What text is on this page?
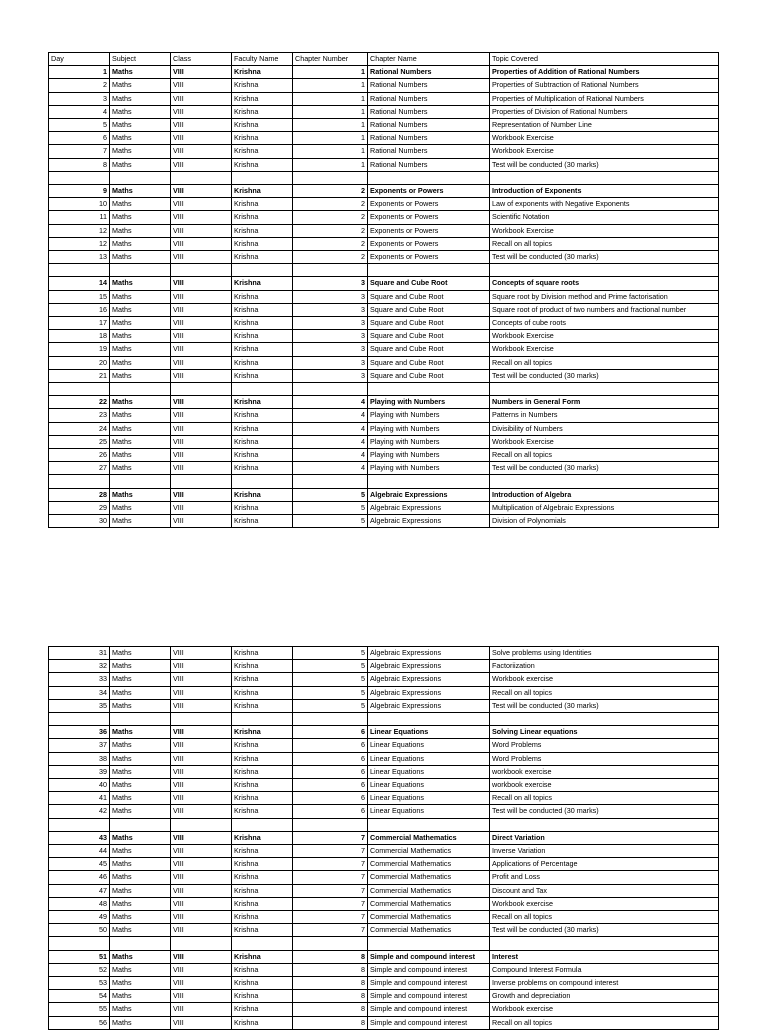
Day	Subject	Class	Faculty Name	Chapter Number	Chapter Name	Topic Covered
1	Maths	VIII	Krishna	1	Rational Numbers	Properties of Addition of Rational Numbers
2	Maths	VIII	Krishna	1	Rational Numbers	Properties of Subtraction of Rational Numbers
3	Maths	VIII	Krishna	1	Rational Numbers	Properties of Multiplication of Rational Numbers
4	Maths	VIII	Krishna	1	Rational Numbers	Properties of Division of Rational Numbers
5	Maths	VIII	Krishna	1	Rational Numbers	Representation of Number Line
6	Maths	VIII	Krishna	1	Rational Numbers	Workbook Exercise
7	Maths	VIII	Krishna	1	Rational Numbers	Workbook Exercise
8	Maths	VIII	Krishna	1	Rational Numbers	Test will be conducted (30 marks)

9	Maths	VIII	Krishna	2	Exponents or Powers	Introduction of Exponents
10	Maths	VIII	Krishna	2	Exponents or Powers	Law of exponents with Negative Exponents
11	Maths	VIII	Krishna	2	Exponents or Powers	Scientific Notation
12	Maths	VIII	Krishna	2	Exponents or Powers	Workbook Exercise
12	Maths	VIII	Krishna	2	Exponents or Powers	Recall on all topics
13	Maths	VIII	Krishna	2	Exponents or Powers	Test will be conducted (30 marks)

14	Maths	VIII	Krishna	3	Square and Cube Root	Concepts of square roots
15	Maths	VIII	Krishna	3	Square and Cube Root	Square root by Division method and Prime factorisation
16	Maths	VIII	Krishna	3	Square and Cube Root	Square root of product of two numbers and fractional number
17	Maths	VIII	Krishna	3	Square and Cube Root	Concepts of cube roots
18	Maths	VIII	Krishna	3	Square and Cube Root	Workbook Exercise
19	Maths	VIII	Krishna	3	Square and Cube Root	Workbook Exercise
20	Maths	VIII	Krishna	3	Square and Cube Root	Recall on all topics
21	Maths	VIII	Krishna	3	Square and Cube Root	Test will be conducted (30 marks)

22	Maths	VIII	Krishna	4	Playing with Numbers	Numbers in General Form
23	Maths	VIII	Krishna	4	Playing with Numbers	Patterns in Numbers
24	Maths	VIII	Krishna	4	Playing with Numbers	Divisibility of Numbers
25	Maths	VIII	Krishna	4	Playing with Numbers	Workbook Exercise
26	Maths	VIII	Krishna	4	Playing with Numbers	Recall on all topics
27	Maths	VIII	Krishna	4	Playing with Numbers	Test will be conducted (30 marks)

28	Maths	VIII	Krishna	5	Algebraic Expressions	Introduction of Algebra
29	Maths	VIII	Krishna	5	Algebraic Expressions	Multiplication of Algebraic Expressions
30	Maths	VIII	Krishna	5	Algebraic Expressions	Division of Polynomials
31	Maths	VIII	Krishna	5	Algebraic Expressions	Solve problems using Identities
32	Maths	VIII	Krishna	5	Algebraic Expressions	Factoriization
33	Maths	VIII	Krishna	5	Algebraic Expressions	Workbook exercise
34	Maths	VIII	Krishna	5	Algebraic Expressions	Recall on all topics
35	Maths	VIII	Krishna	5	Algebraic Expressions	Test will be conducted (30 marks)

36	Maths	VIII	Krishna	6	Linear Equations	Solving Linear equations
37	Maths	VIII	Krishna	6	Linear Equations	Word Problems
38	Maths	VIII	Krishna	6	Linear Equations	Word Problems
39	Maths	VIII	Krishna	6	Linear Equations	workbook exercise
40	Maths	VIII	Krishna	6	Linear Equations	workbook exercise
41	Maths	VIII	Krishna	6	Linear Equations	Recall on all topics
42	Maths	VIII	Krishna	6	Linear Equations	Test will be conducted (30 marks)

43	Maths	VIII	Krishna	7	Commercial Mathematics	Direct Variation
44	Maths	VIII	Krishna	7	Commercial Mathematics	Inverse Variation
45	Maths	VIII	Krishna	7	Commercial Mathematics	Applications of Percentage
46	Maths	VIII	Krishna	7	Commercial Mathematics	Profit and Loss
47	Maths	VIII	Krishna	7	Commercial Mathematics	Discount and Tax
48	Maths	VIII	Krishna	7	Commercial Mathematics	Workbook exercise
49	Maths	VIII	Krishna	7	Commercial Mathematics	Recall on all topics
50	Maths	VIII	Krishna	7	Commercial Mathematics	Test will be conducted (30 marks)

51	Maths	VIII	Krishna	8	Simple and compound interest	Interest
52	Maths	VIII	Krishna	8	Simple and compound interest	Compound Interest Formula
53	Maths	VIII	Krishna	8	Simple and compound interest	Inverse problems on compound interest
54	Maths	VIII	Krishna	8	Simple and compound interest	Growth and depreciation
55	Maths	VIII	Krishna	8	Simple and compound interest	Workbook exercise
56	Maths	VIII	Krishna	8	Simple and compound interest	Recall on all topics
